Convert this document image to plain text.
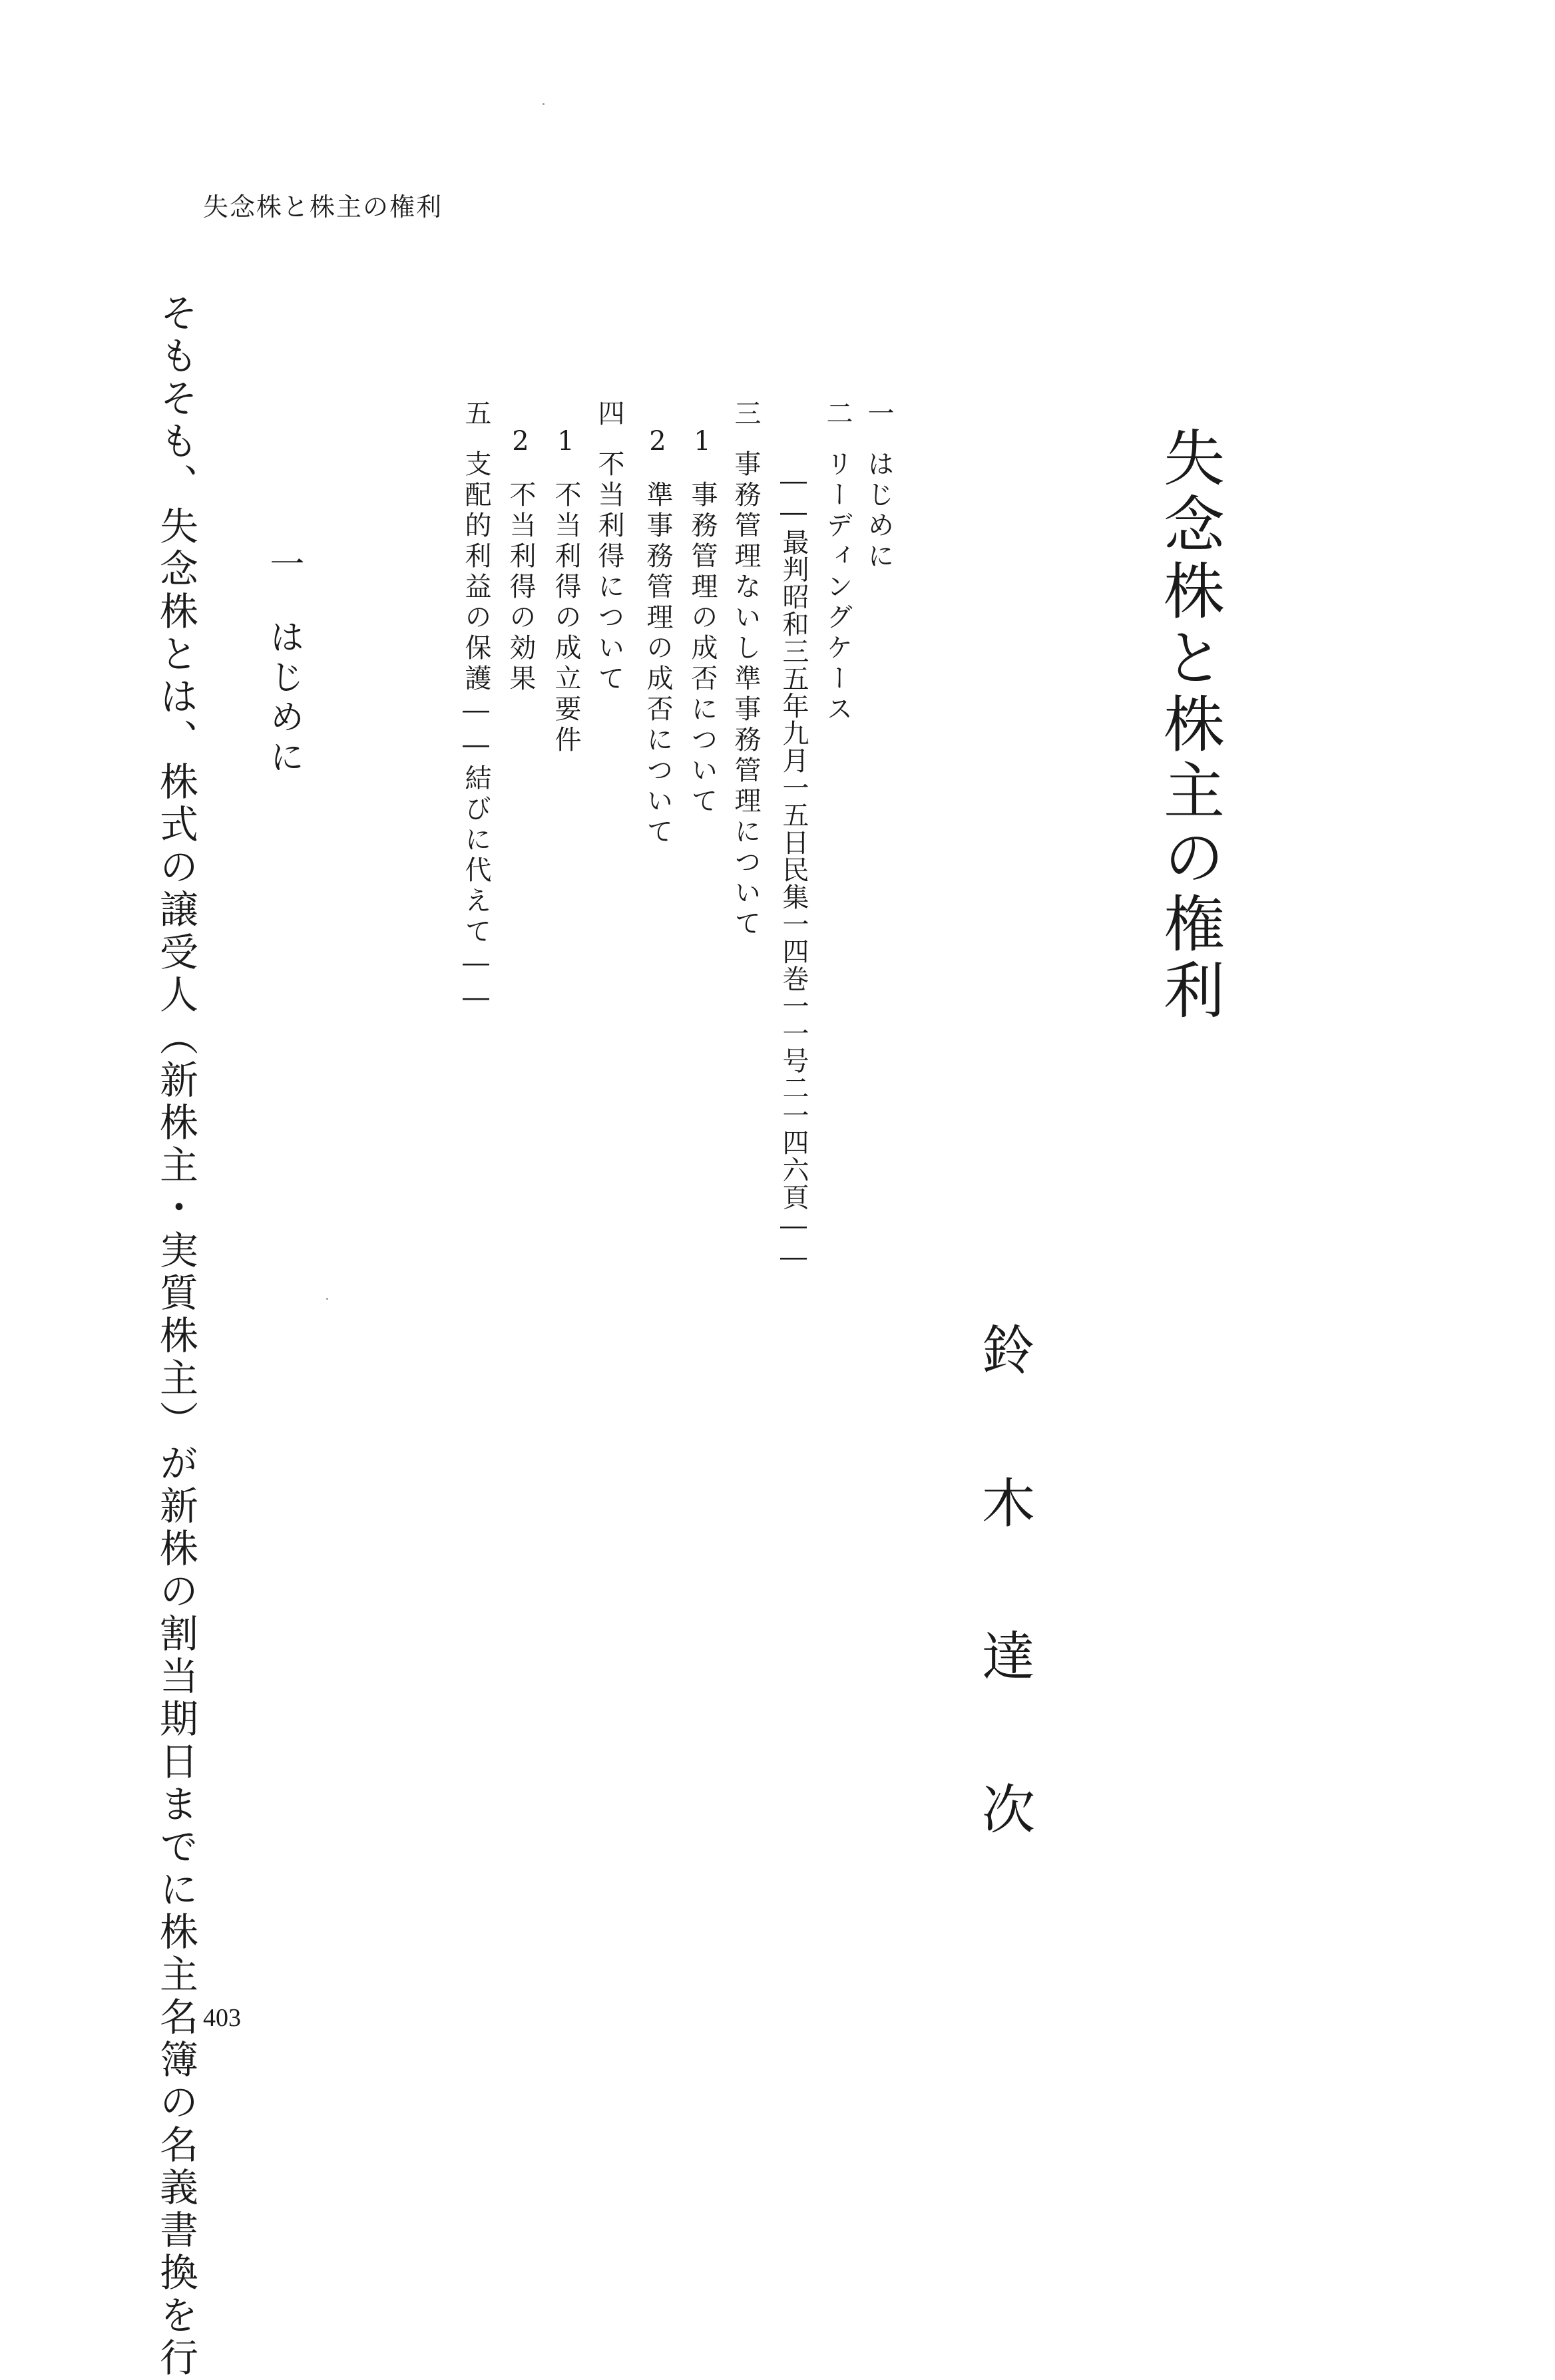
失念株と株主の権利
失念株と株主の権利
鈴
木
達
次
一はじめに
二リーディングケース
――最判昭和三五年九月一五日民集一四巻一一号二一四六頁――
三事務管理ないし準事務管理について
1事務管理の成否について
2準事務管理の成否について
四不当利得について
1不当利得の成立要件
2不当利得の効果
五支配的利益の保護――結びに代えて――
一はじめに
そもそも、失念株とは、株式の譲受人（新株主・実質株主）が新株の割当期日までに株主名簿の名義書換を行 403
